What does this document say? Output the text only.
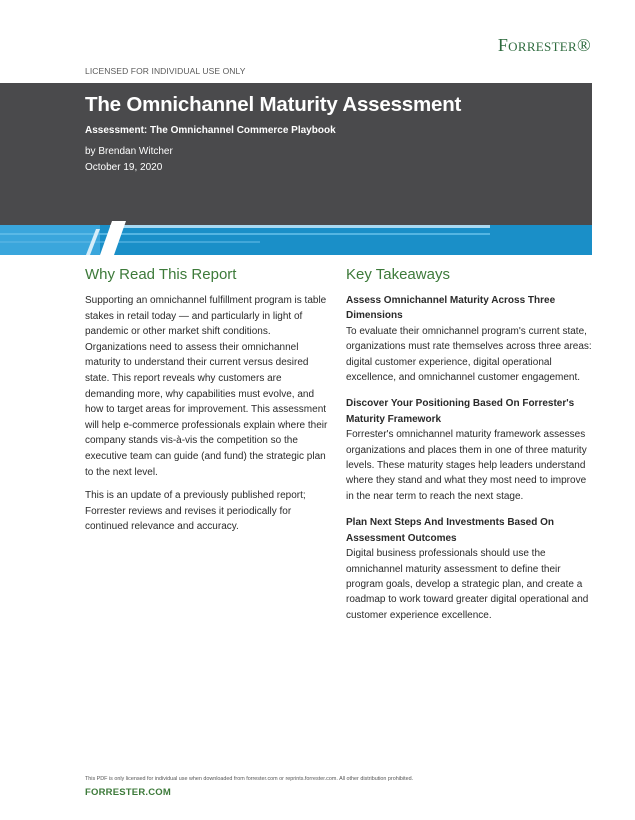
Forrester®
LICENSED FOR INDIVIDUAL USE ONLY
The Omnichannel Maturity Assessment
Assessment: The Omnichannel Commerce Playbook
by Brendan Witcher
October 19, 2020
Why Read This Report

Supporting an omnichannel fulfillment program is table stakes in retail today — and particularly in light of pandemic or other market shift conditions. Organizations need to assess their omnichannel maturity to understand their current versus desired state. This report reveals why customers are demanding more, why capabilities must evolve, and how to target areas for improvement. This assessment will help e-commerce professionals explain where their company stands vis-à-vis the competition so the executive team can guide (and fund) the strategic plan to the next level.

This is an update of a previously published report; Forrester reviews and revises it periodically for continued relevance and accuracy.

Key Takeaways
Assess Omnichannel Maturity Across Three Dimensions

To evaluate their omnichannel program's current state, organizations must rate themselves across three areas: digital customer experience, digital operational excellence, and omnichannel customer engagement.

Discover Your Positioning Based On Forrester's Maturity Framework

Forrester's omnichannel maturity framework assesses organizations and places them in one of three maturity levels. These maturity stages help leaders understand where they stand and what they most need to improve in the near term to reach the next stage.

Plan Next Steps And Investments Based On Assessment Outcomes

Digital business professionals should use the omnichannel maturity assessment to define their program goals, develop a strategic plan, and create a roadmap to work toward greater digital operational and customer experience excellence.

This PDF is only licensed for individual use when downloaded from forrester.com or reprints.forrester.com. All other distribution prohibited.
FORRESTER.COM
